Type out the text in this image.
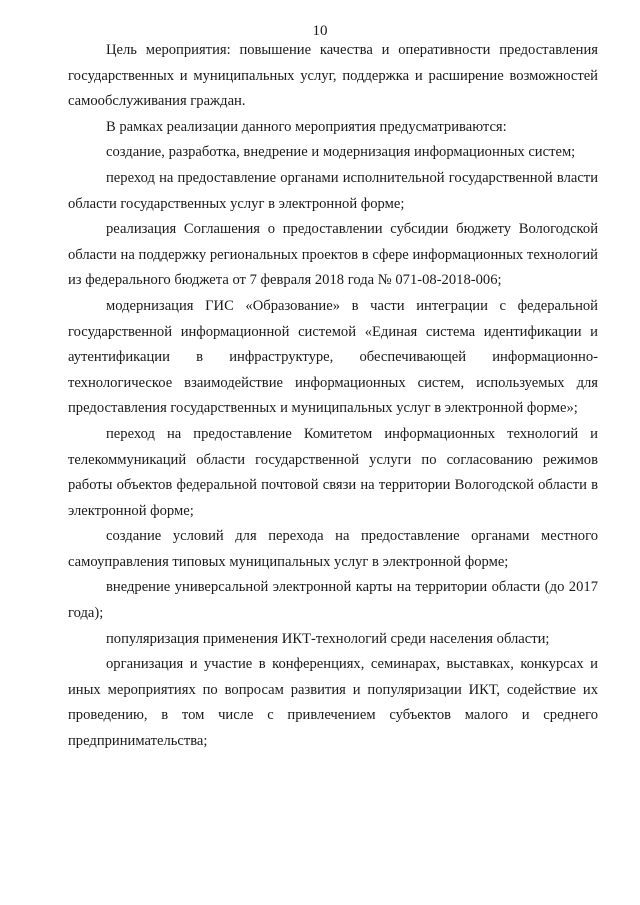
10

Цель мероприятия: повышение качества и оперативности предоставления государственных и муниципальных услуг, поддержка и расширение возможностей самообслуживания граждан.

В рамках реализации данного мероприятия предусматриваются:

создание, разработка, внедрение и модернизация информационных систем;

переход на предоставление органами исполнительной государственной власти области государственных услуг в электронной форме;

реализация Соглашения о предоставлении субсидии бюджету Вологодской области на поддержку региональных проектов в сфере информационных технологий из федерального бюджета от 7 февраля 2018 года № 071-08-2018-006;

модернизация ГИС «Образование» в части интеграции с федеральной государственной информационной системой «Единая система идентификации и аутентификации в инфраструктуре, обеспечивающей информационно-технологическое взаимодействие информационных систем, используемых для предоставления государственных и муниципальных услуг в электронной форме»;

переход на предоставление Комитетом информационных технологий и телекоммуникаций области государственной услуги по согласованию режимов работы объектов федеральной почтовой связи на территории Вологодской области в электронной форме;

создание условий для перехода на предоставление органами местного самоуправления типовых муниципальных услуг в электронной форме;

внедрение универсальной электронной карты на территории области (до 2017 года);

популяризация применения ИКТ-технологий среди населения области;

организация и участие в конференциях, семинарах, выставках, конкурсах и иных мероприятиях по вопросам развития и популяризации ИКТ, содействие их проведению, в том числе с привлечением субъектов малого и среднего предпринимательства;
